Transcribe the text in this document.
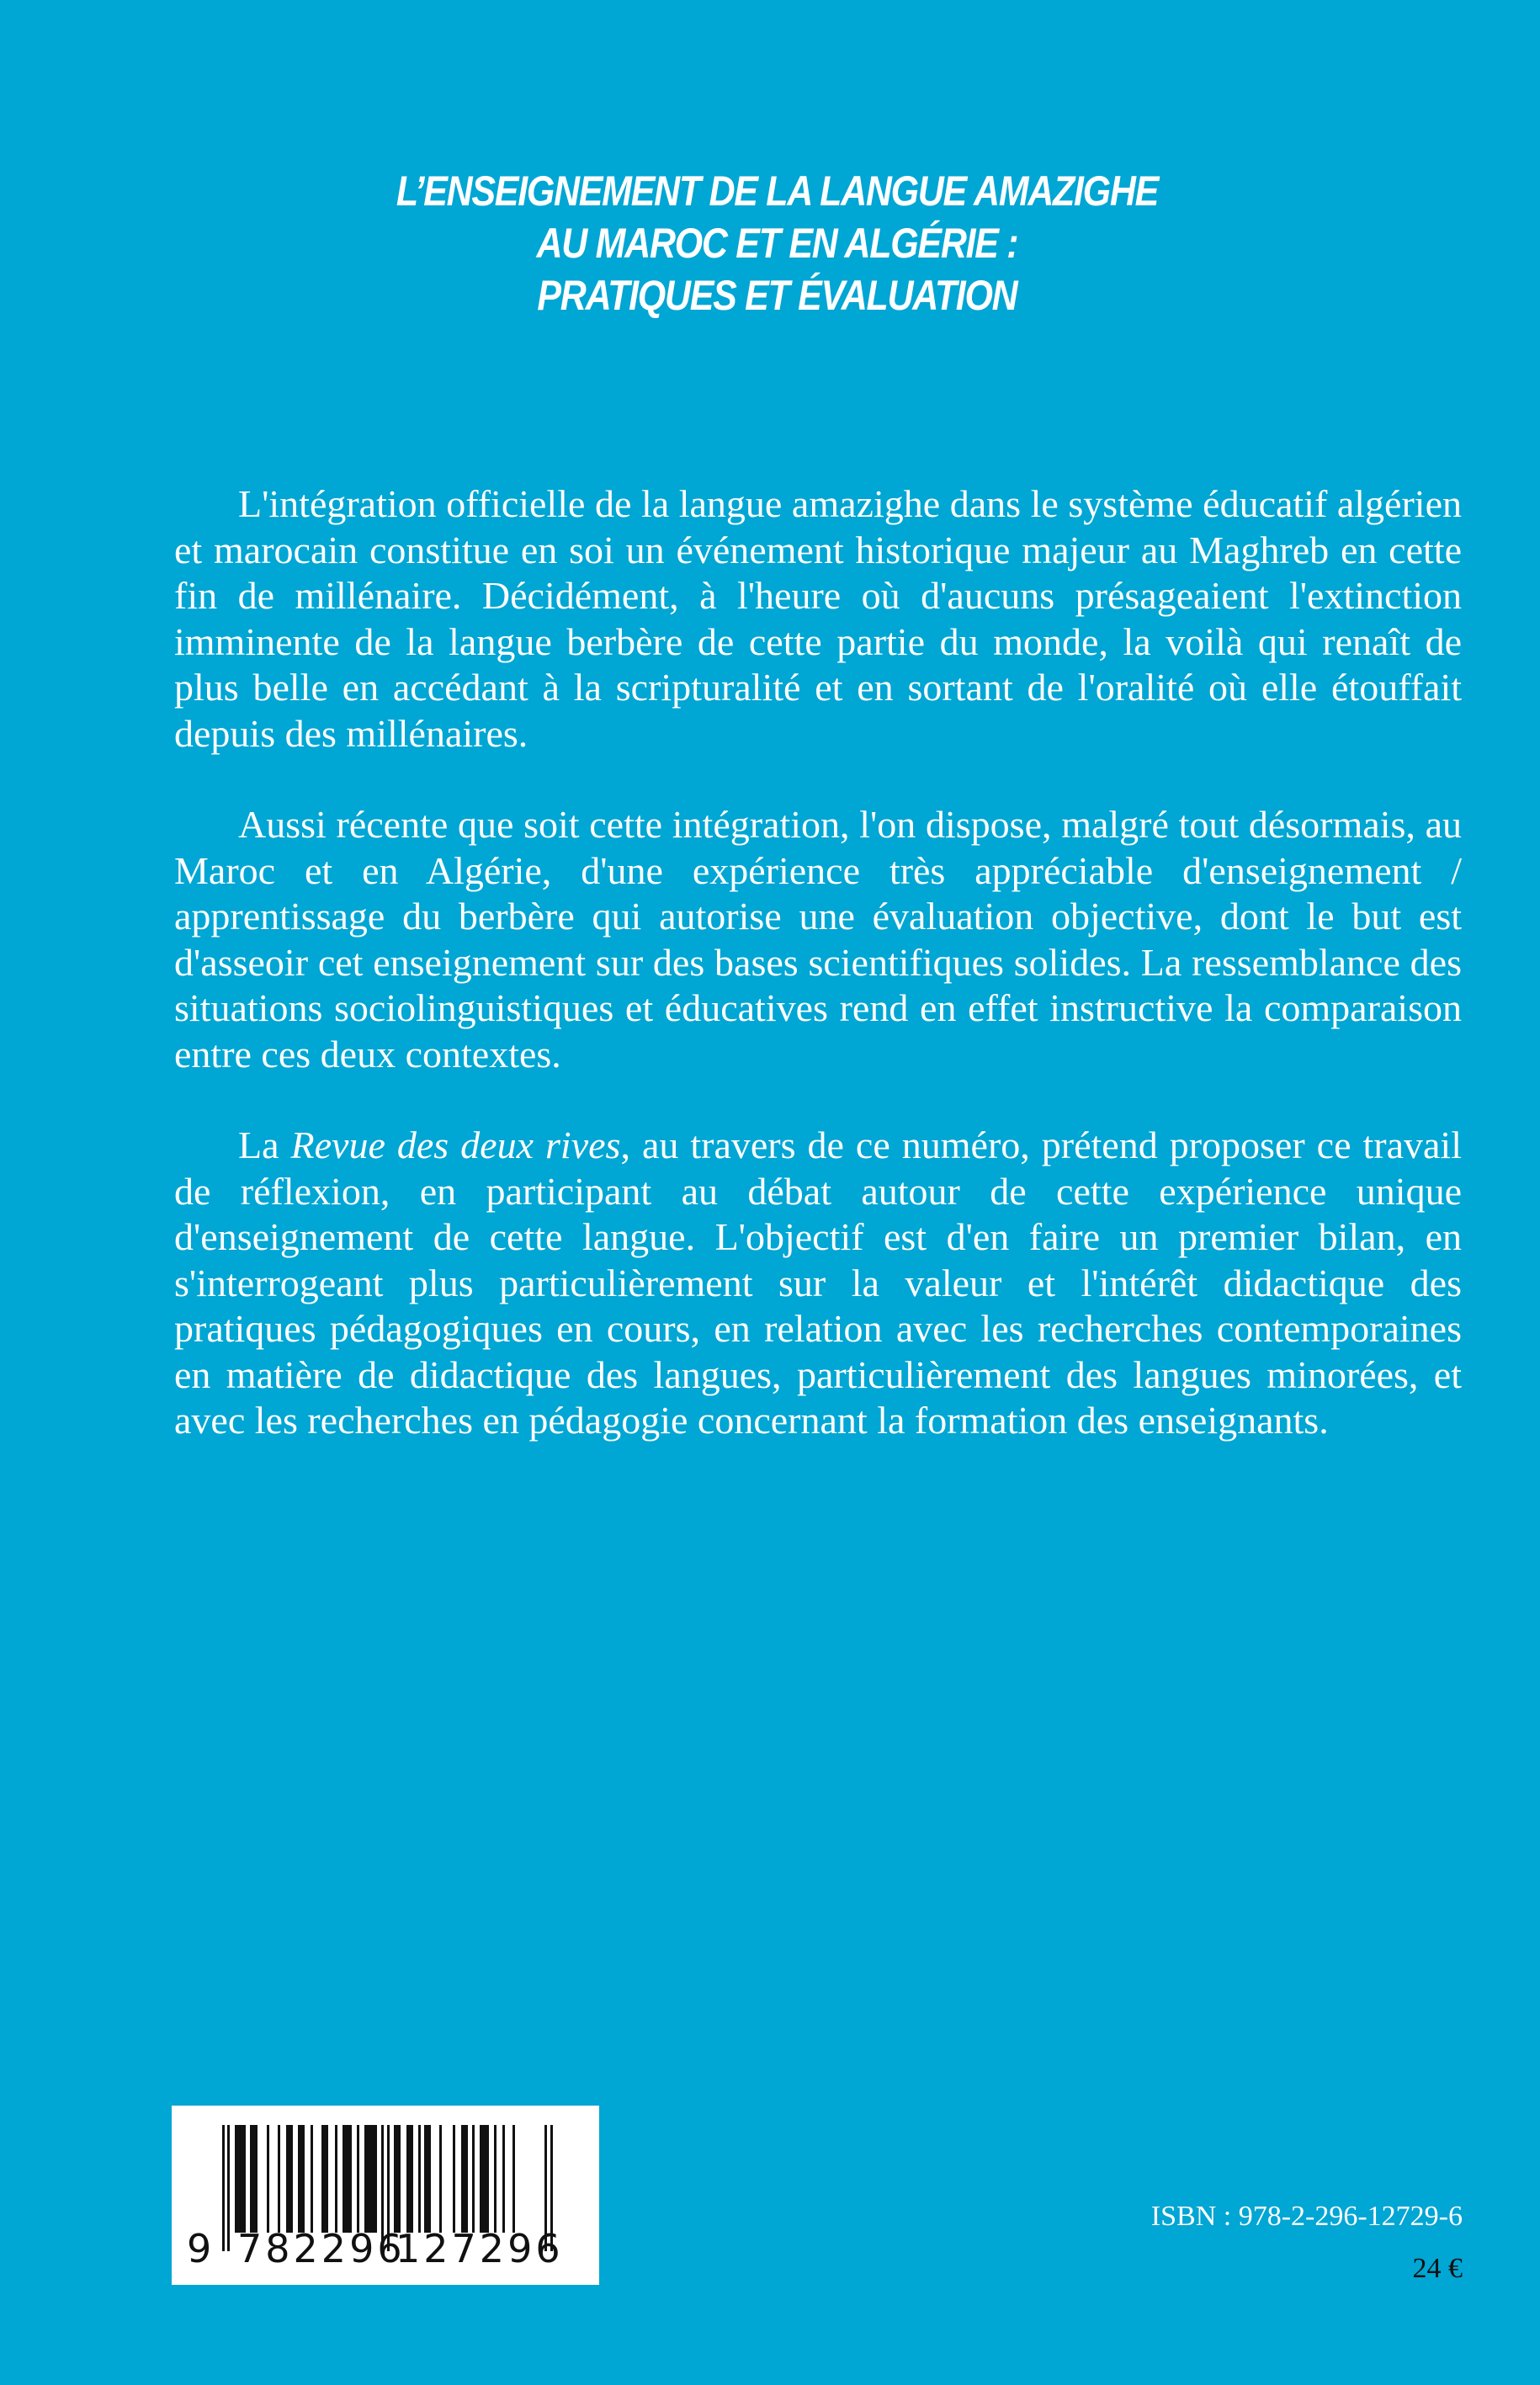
L’ENSEIGNEMENT DE LA LANGUE AMAZIGHE
AU MAROC ET EN ALGÉRIE :
PRATIQUES ET ÉVALUATION

L'intégration officielle de la langue amazighe dans le système éducatif algérien et marocain constitue en soi un événement historique majeur au Maghreb en cette fin de millénaire. Décidément, à l'heure où d'aucuns présageaient l'extinction imminente de la langue berbère de cette partie du monde, la voilà qui renaît de plus belle en accédant à la scripturalité et en sortant de l'oralité où elle étouffait depuis des millénaires.

Aussi récente que soit cette intégration, l'on dispose, malgré tout désormais, au Maroc et en Algérie, d'une expérience très appréciable d'enseignement / apprentissage du berbère qui autorise une évaluation objective, dont le but est d'asseoir cet enseignement sur des bases scientifiques solides. La ressemblance des situations sociolinguistiques et éducatives rend en effet instructive la comparaison entre ces deux contextes.

La Revue des deux rives, au travers de ce numéro, prétend proposer ce travail de réflexion, en participant au débat autour de cette expérience unique d'enseignement de cette langue. L'objectif est d'en faire un premier bilan, en s'interrogeant plus particulièrement sur la valeur et l'intérêt didactique des pratiques pédagogiques en cours, en relation avec les recherches contemporaines en matière de didactique des langues, particulièrement des langues minorées, et avec les recherches en pédagogie concernant la formation des enseignants.

9 782296
127296
ISBN : 978-2-296-12729-6
24 €
